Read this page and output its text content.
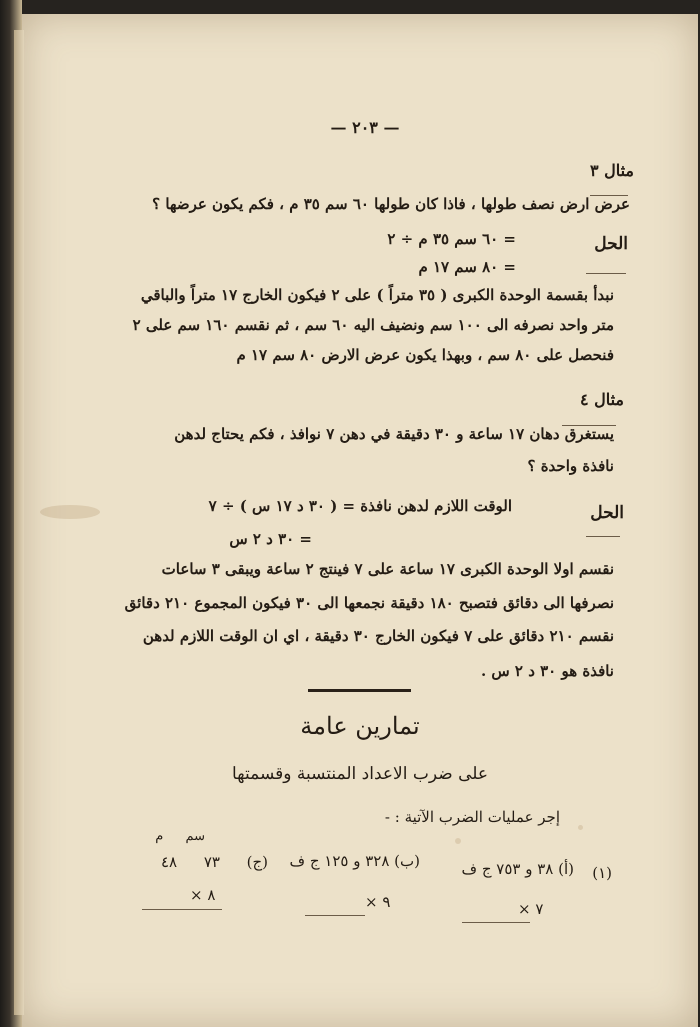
— ٢٠٣ —
مثال ٣
عرض ارض نصف طولها ، فاذا كان طولها ٦٠ سم ٣٥ م ، فكم يكون عرضها ؟
الحل
= ٦٠ سم ٣٥ م ÷ ٢
= ٨٠ سم ١٧ م
نبدأ بقسمة الوحدة الكبرى ( ٣٥ متراً ) على ٢ فيكون الخارج ١٧ متراً والباقي
متر واحد نصرفه الى ١٠٠ سم ونضيف اليه ٦٠ سم ، ثم نقسم ١٦٠ سم على ٢
فنحصل على ٨٠ سم ، وبهذا يكون عرض الارض ٨٠ سم ١٧ م
مثال ٤
يستغرق دهان ١٧ ساعة و ٣٠ دقيقة في دهن ٧ نوافذ ، فكم يحتاج لدهن
نافذة واحدة ؟
الحل
الوقت اللازم لدهن نافذة = ( ٣٠ د ١٧ س ) ÷ ٧
= ٣٠ د ٢ س
نقسم اولا الوحدة الكبرى ١٧ ساعة على ٧ فينتج ٢ ساعة ويبقى ٣ ساعات
نصرفها الى دقائق فتصبح ١٨٠ دقيقة نجمعها الى ٣٠ فيكون المجموع ٢١٠ دقائق
نقسم ٢١٠ دقائق على ٧ فيكون الخارج ٣٠ دقيقة ، اي ان الوقت اللازم لدهن
نافذة هو ٣٠ د ٢ س .
تمارين عامة
على ضرب الاعداد المنتسبة وقسمتها
إجر عمليات الضرب الآتية : -
(١)
(أ) ٣٨ و ٧٥٣ ج ف
(ب) ٣٢٨ و ١٢٥ ج ف
سم م
(ج)
٧٣ ٤٨
× ٨	× ٩	× ٧
